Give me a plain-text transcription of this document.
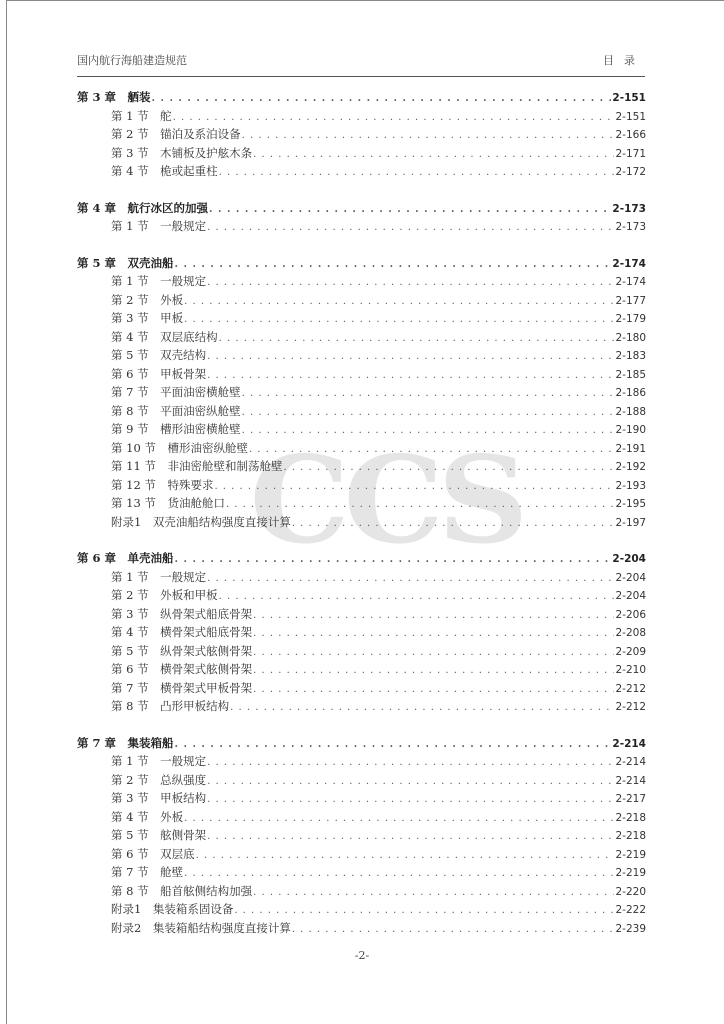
国内航行海船建造规范	目录
CCS
第 3 章　舾装 . . .	2-151
第 1 节　舵 . . .	2-151
第 2 节　锚泊及系泊设备 . . .	2-166
第 3 节　木铺板及护舷木条 . . .	2-171
第 4 节　桅或起重柱 . . .	2-172
第 4 章　航行冰区的加强 . . .	2-173
第 1 节　一般规定 . . .	2-173
第 5 章　双壳油船 . . .	2-174
第 1 节　一般规定 . . .	2-174
第 2 节　外板 . . .	2-177
第 3 节　甲板 . . .	2-179
第 4 节　双层底结构 . . .	2-180
第 5 节　双壳结构 . . .	2-183
第 6 节　甲板骨架 . . .	2-185
第 7 节　平面油密横舱壁 . . .	2-186
第 8 节　平面油密纵舱壁 . . .	2-188
第 9 节　槽形油密横舱壁 . . .	2-190
第 10 节　槽形油密纵舱壁 . . .	2-191
第 11 节　非油密舱壁和制荡舱壁 . . .	2-192
第 12 节　特殊要求 . . .	2-193
第 13 节　货油舱舱口 . . .	2-195
附录1　双壳油船结构强度直接计算 . . .	2-197
第 6 章　单壳油船 . . .	2-204
第 1 节　一般规定 . . .	2-204
第 2 节　外板和甲板 . . .	2-204
第 3 节　纵骨架式船底骨架 . . .	2-206
第 4 节　横骨架式船底骨架 . . .	2-208
第 5 节　纵骨架式舷侧骨架 . . .	2-209
第 6 节　横骨架式舷侧骨架 . . .	2-210
第 7 节　横骨架式甲板骨架 . . .	2-212
第 8 节　凸形甲板结构 . . .	2-212
第 7 章　集装箱船 . . .	2-214
第 1 节　一般规定 . . .	2-214
第 2 节　总纵强度 . . .	2-214
第 3 节　甲板结构 . . .	2-217
第 4 节　外板 . . .	2-218
第 5 节　舷侧骨架 . . .	2-218
第 6 节　双层底 . . .	2-219
第 7 节　舱壁 . . .	2-219
第 8 节　船首舷侧结构加强 . . .	2-220
附录1　集装箱系固设备 . . .	2-222
附录2　集装箱船结构强度直接计算 . . .	2-239
-2-
